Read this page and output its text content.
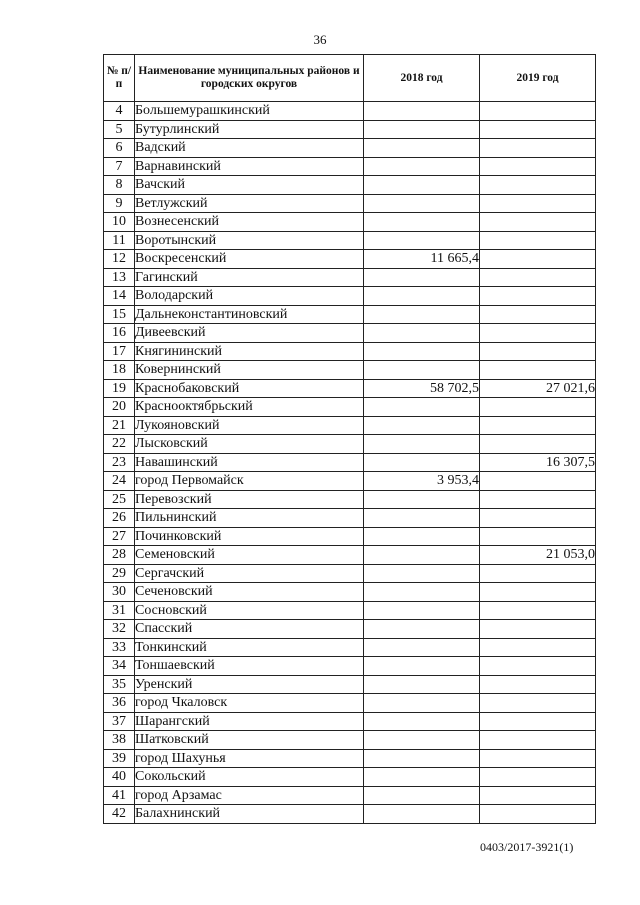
36
№ п/п	Наименование муниципальных районов и городских округов	2018 год	2019 год
4	Большемурашкинский		
5	Бутурлинский		
6	Вадский		
7	Варнавинский		
8	Вачский		
9	Ветлужский		
10	Вознесенский		
11	Воротынский		
12	Воскресенский	11 665,4	
13	Гагинский		
14	Володарский		
15	Дальнеконстантиновский		
16	Дивеевский		
17	Княгининский		
18	Ковернинский		
19	Краснобаковский	58 702,5	27 021,6
20	Краснооктябрьский		
21	Лукояновский		
22	Лысковский		
23	Навашинский		16 307,5
24	город Первомайск	3 953,4	
25	Перевозский		
26	Пильнинский		
27	Починковский		
28	Семеновский		21 053,0
29	Сергачский		
30	Сеченовский		
31	Сосновский		
32	Спасский		
33	Тонкинский		
34	Тоншаевский		
35	Уренский		
36	город Чкаловск		
37	Шарангский		
38	Шатковский		
39	город Шахунья		
40	Сокольский		
41	город Арзамас		
42	Балахнинский		
0403/2017-3921(1)
